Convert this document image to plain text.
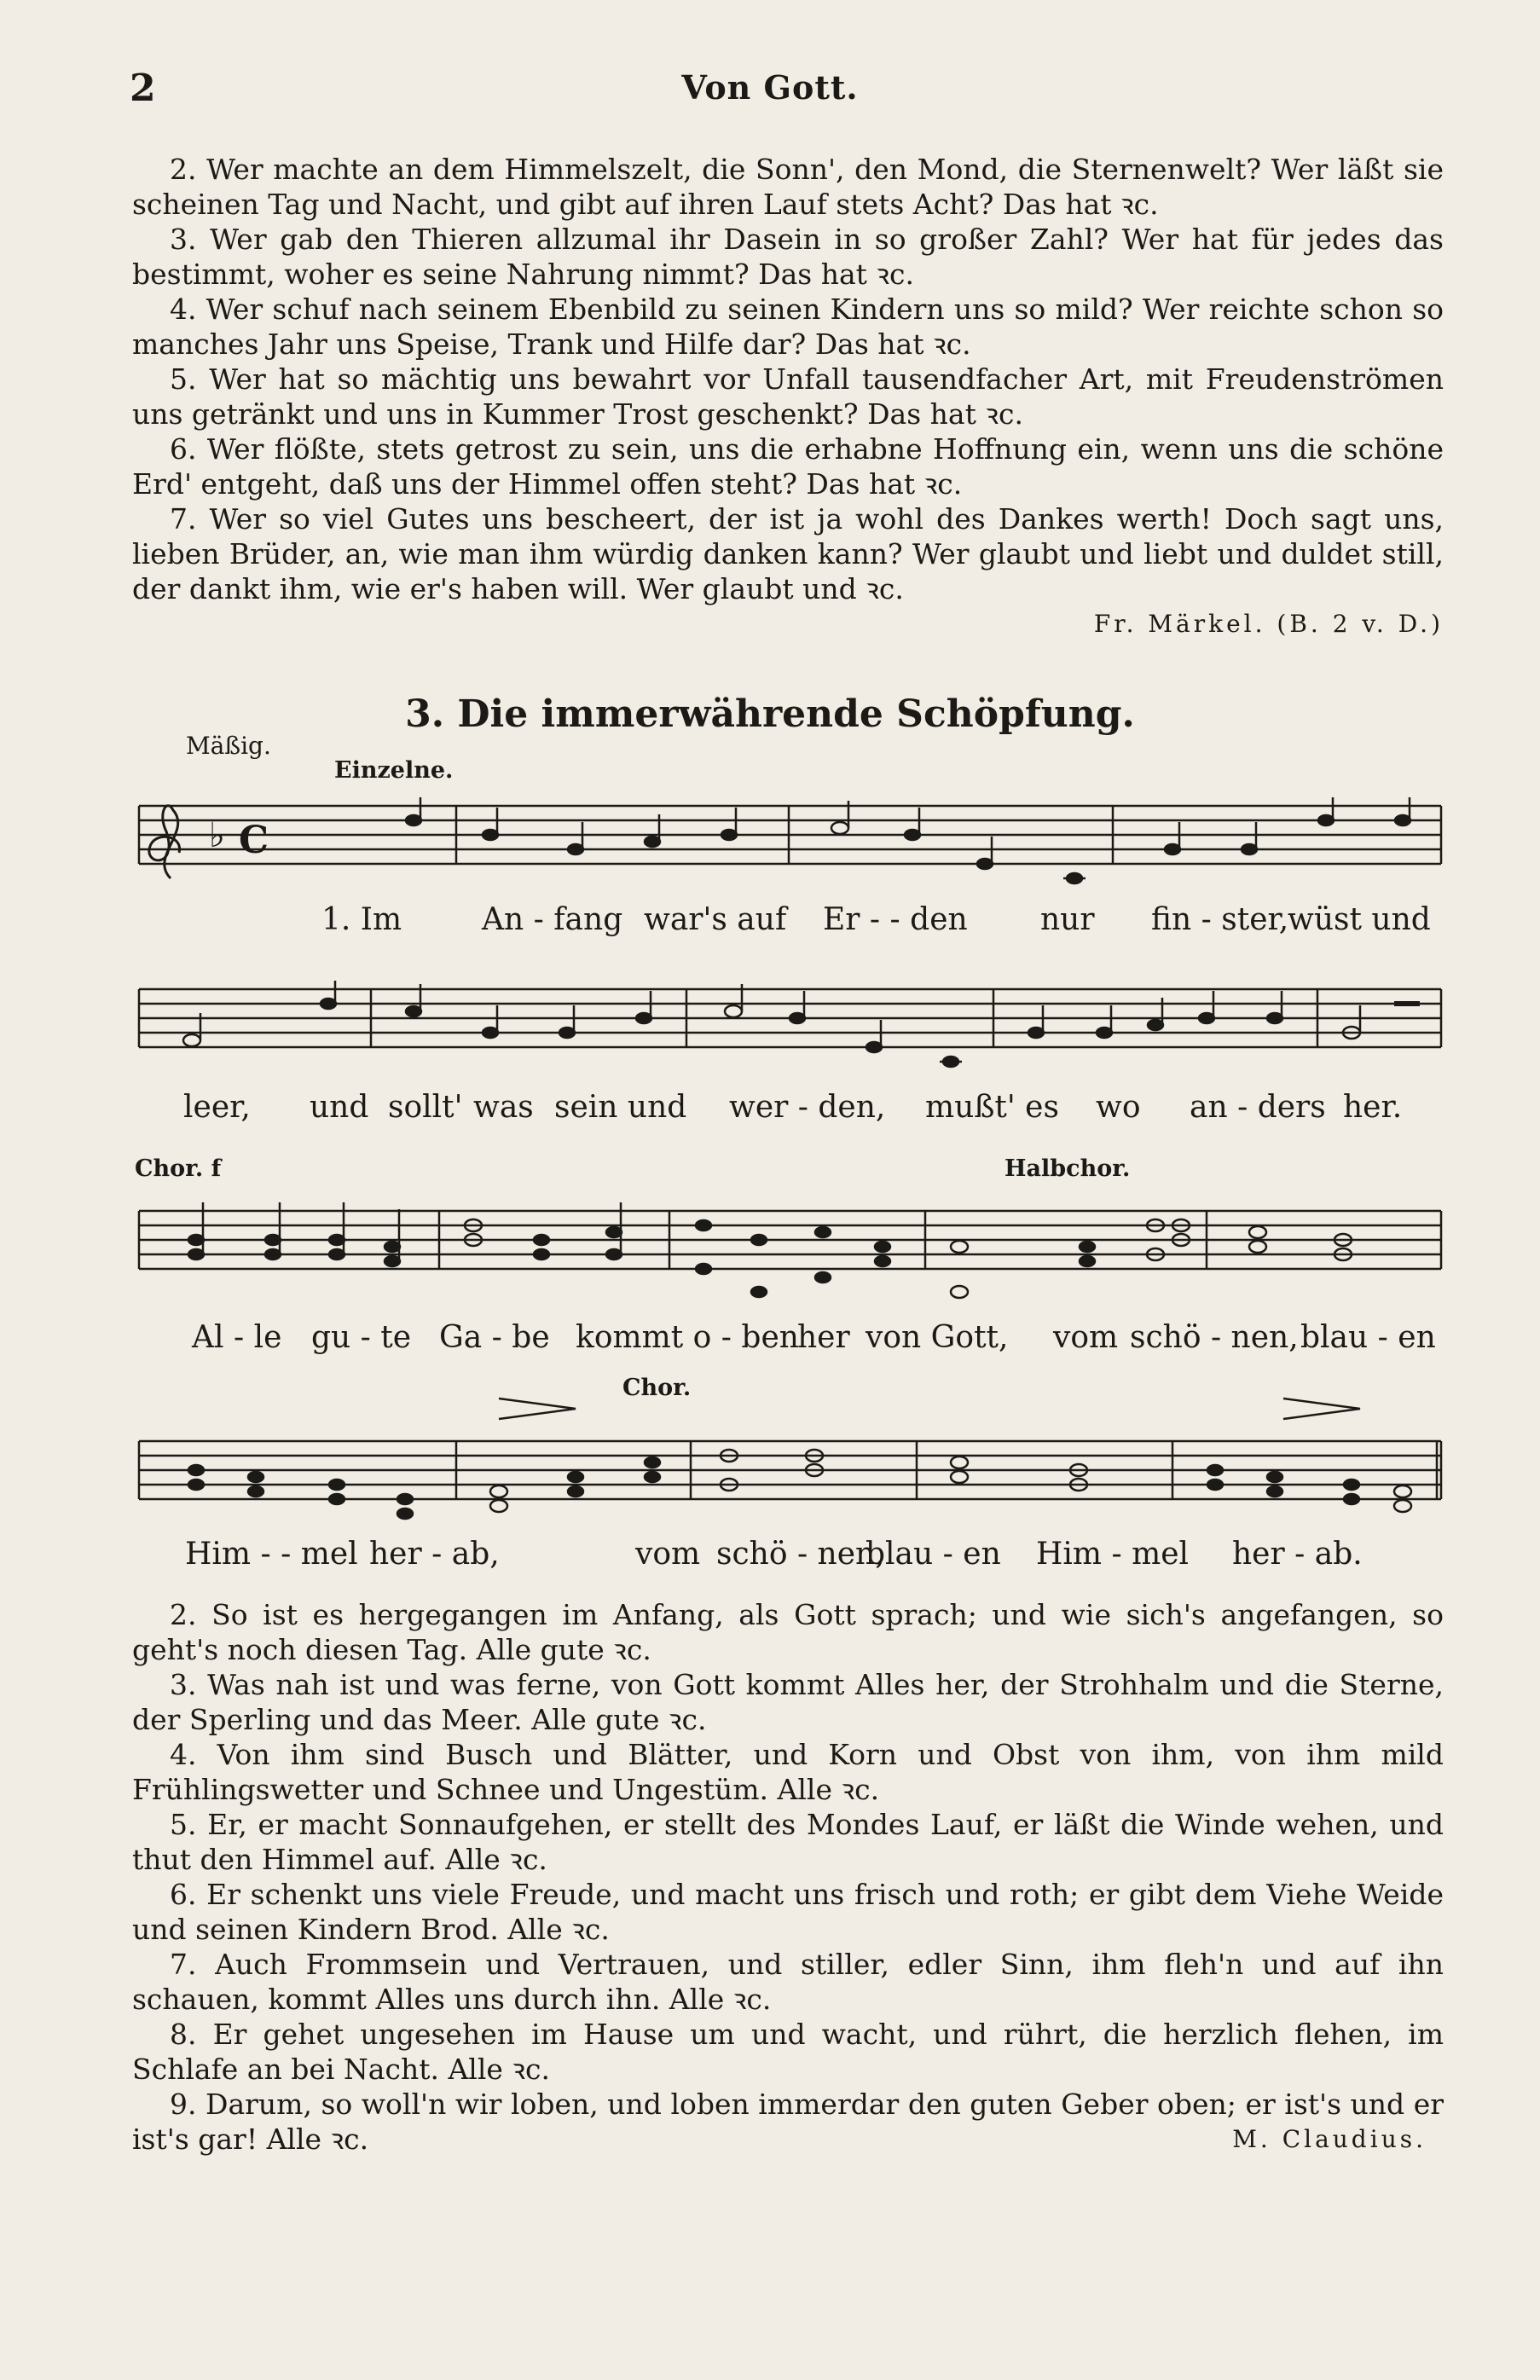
2	Von Gott.

2. Wer machte an dem Himmelszelt, die Sonn', den Mond, die Sternenwelt? Wer läßt sie scheinen Tag und Nacht, und gibt auf ihren Lauf stets Acht? Das hat ꝛc.

3. Wer gab den Thieren allzumal ihr Dasein in so großer Zahl? Wer hat für jedes das bestimmt, woher es seine Nahrung nimmt? Das hat ꝛc.

4. Wer schuf nach seinem Ebenbild zu seinen Kindern uns so mild? Wer reichte schon so manches Jahr uns Speise, Trank und Hilfe dar? Das hat ꝛc.

5. Wer hat so mächtig uns bewahrt vor Unfall tausendfacher Art, mit Freudenströmen uns getränkt und uns in Kummer Trost geschenkt? Das hat ꝛc.

6. Wer flößte, stets getrost zu sein, uns die erhabne Hoffnung ein, wenn uns die schöne Erd' entgeht, daß uns der Himmel offen steht? Das hat ꝛc.

7. Wer so viel Gutes uns bescheert, der ist ja wohl des Dankes werth! Doch sagt uns, lieben Brüder, an, wie man ihm würdig danken kann? Wer glaubt und liebt und duldet still, der dankt ihm, wie er's haben will. Wer glaubt und ꝛc.

Fr. Märkel. (B. 2 v. D.)
3. Die immerwährende Schöpfung.
Mäßig.
Einzelne.
Chor. f	Halbchor.
Chor.
♭ C
1. Im	An - fang war's auf Er - - den nur fin - ster,
wüst und
leer, und sollt' was sein und wer - den, mußt' es wo an - ders her.
Al - le gu - te Ga - be kommt o - ben
her von Gott, vom schö - nen, blau - en
Him - - mel her - ab,	vom schö - nen,
blau - en Him - mel her - ab.

2. So ist es hergegangen im Anfang, als Gott sprach; und wie sich's angefangen, so geht's noch diesen Tag. Alle gute ꝛc.

3. Was nah ist und was ferne, von Gott kommt Alles her, der Strohhalm und die Sterne, der Sperling und das Meer. Alle gute ꝛc.

4. Von ihm sind Busch und Blätter, und Korn und Obst von ihm, von ihm mild Frühlingswetter und Schnee und Ungestüm. Alle ꝛc.

5. Er, er macht Sonnaufgehen, er stellt des Mondes Lauf, er läßt die Winde wehen, und thut den Himmel auf. Alle ꝛc.

6. Er schenkt uns viele Freude, und macht uns frisch und roth; er gibt dem Viehe Weide und seinen Kindern Brod. Alle ꝛc.

7. Auch Frommsein und Vertrauen, und stiller, edler Sinn, ihm fleh'n und auf ihn schauen, kommt Alles uns durch ihn. Alle ꝛc.

8. Er gehet ungesehen im Hause um und wacht, und rührt, die herzlich flehen, im Schlafe an bei Nacht. Alle ꝛc.

9. Darum, so woll'n wir loben, und loben immerdar den guten Geber oben; er ist's und er ist's gar! Alle ꝛc.	M. Claudius.
